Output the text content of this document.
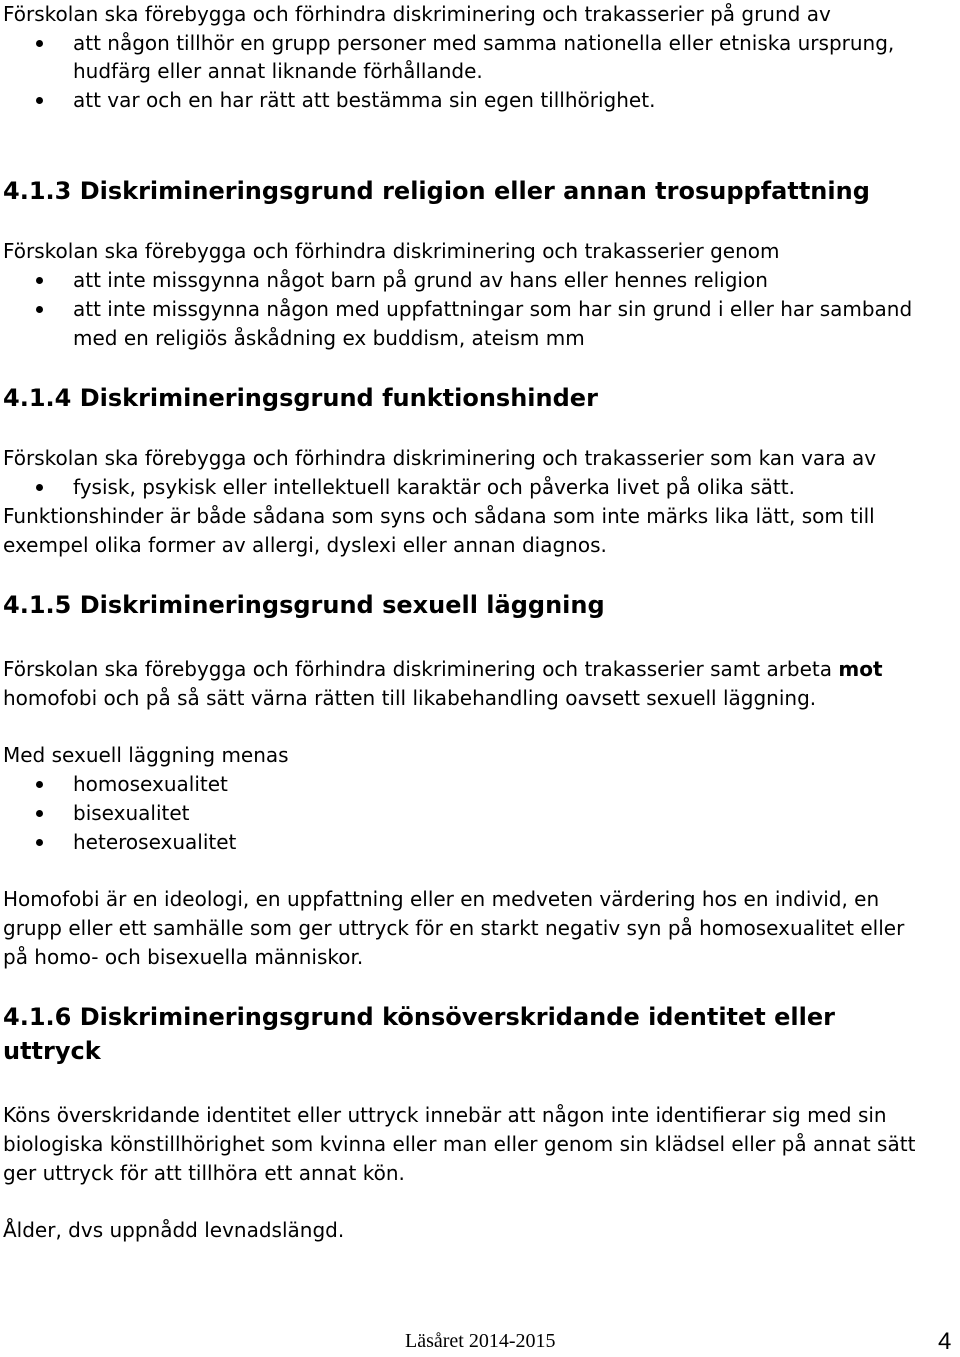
Förskolan ska förebygga och förhindra diskriminering och trakasserier på grund av
att någon tillhör en grupp personer med samma nationella eller etniska ursprung,
hudfärg eller annat liknande förhållande.
att var och en har rätt att bestämma sin egen tillhörighet.
4.1.3 Diskrimineringsgrund religion eller annan trosuppfattning
Förskolan ska förebygga och förhindra diskriminering och trakasserier genom
att inte missgynna något barn på grund av hans eller hennes religion
att inte missgynna någon med uppfattningar som har sin grund i eller har samband
med en religiös åskådning ex buddism, ateism mm
4.1.4 Diskrimineringsgrund funktionshinder
Förskolan ska förebygga och förhindra diskriminering och trakasserier som kan vara av
fysisk, psykisk eller intellektuell karaktär och påverka livet på olika sätt.
Funktionshinder är både sådana som syns och sådana som inte märks lika lätt, som till
exempel olika former av allergi, dyslexi eller annan diagnos.
4.1.5 Diskrimineringsgrund sexuell läggning
Förskolan ska förebygga och förhindra diskriminering och trakasserier samt arbeta mot
homofobi och på så sätt värna rätten till likabehandling oavsett sexuell läggning.
Med sexuell läggning menas
homosexualitet
bisexualitet
heterosexualitet
Homofobi är en ideologi, en uppfattning eller en medveten värdering hos en individ, en
grupp eller ett samhälle som ger uttryck för en starkt negativ syn på homosexualitet eller
på homo- och bisexuella människor.
4.1.6 Diskrimineringsgrund könsöverskridande identitet eller
uttryck
Köns överskridande identitet eller uttryck innebär att någon inte identifierar sig med sin
biologiska könstillhörighet som kvinna eller man eller genom sin klädsel eller på annat sätt
ger uttryck för att tillhöra ett annat kön.
Ålder, dvs uppnådd levnadslängd.
Läsåret 2014-2015	4
